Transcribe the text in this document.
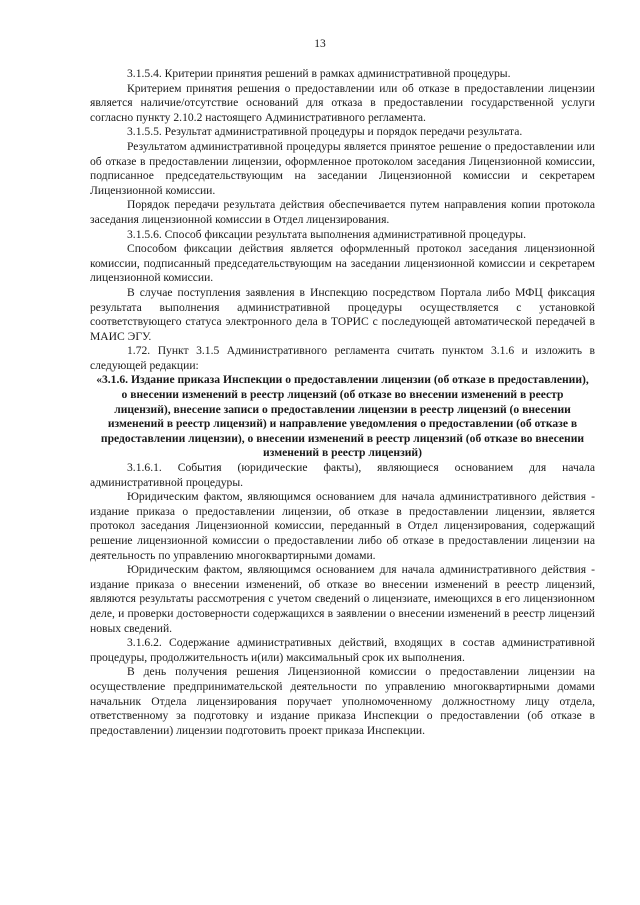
13

3.1.5.4. Критерии принятия решений в рамках административной процедуры.

Критерием принятия решения о предоставлении или об отказе в предоставлении лицензии является наличие/отсутствие оснований для отказа в предоставлении государственной услуги согласно пункту 2.10.2 настоящего Административного регламента.

3.1.5.5. Результат административной процедуры и порядок передачи результата.

Результатом административной процедуры является принятое решение о предоставлении или об отказе в предоставлении лицензии, оформленное протоколом заседания Лицензионной комиссии, подписанное председательствующим на заседании Лицензионной комиссии и секретарем Лицензионной комиссии.

Порядок передачи результата действия обеспечивается путем направления копии протокола заседания лицензионной комиссии в Отдел лицензирования.

3.1.5.6. Способ фиксации результата выполнения административной процедуры.

Способом фиксации действия является оформленный протокол заседания лицензионной комиссии, подписанный председательствующим на заседании лицензионной комиссии и секретарем лицензионной комиссии.

В случае поступления заявления в Инспекцию посредством Портала либо МФЦ фиксация результата выполнения административной процедуры осуществляется с установкой соответствующего статуса электронного дела в ТОРИС с последующей автоматической передачей в МАИС ЭГУ.

1.72. Пункт 3.1.5 Административного регламента считать пунктом 3.1.6 и изложить в следующей редакции:

«3.1.6. Издание приказа Инспекции о предоставлении лицензии (об отказе в предоставлении), о внесении изменений в реестр лицензий (об отказе во внесении изменений в реестр лицензий), внесение записи о предоставлении лицензии в реестр лицензий (о внесении изменений в реестр лицензий) и направление уведомления о предоставлении (об отказе в предоставлении лицензии), о внесении изменений в реестр лицензий (об отказе во внесении изменений в реестр лицензий)

3.1.6.1. События (юридические факты), являющиеся основанием для начала административной процедуры.

Юридическим фактом, являющимся основанием для начала административного действия - издание приказа о предоставлении лицензии, об отказе в предоставлении лицензии, является протокол заседания Лицензионной комиссии, переданный в Отдел лицензирования, содержащий решение лицензионной комиссии о предоставлении либо об отказе в предоставлении лицензии на деятельность по управлению многоквартирными домами.

Юридическим фактом, являющимся основанием для начала административного действия - издание приказа о внесении изменений, об отказе во внесении изменений в реестр лицензий, являются результаты рассмотрения с учетом сведений о лицензиате, имеющихся в его лицензионном деле, и проверки достоверности содержащихся в заявлении о внесении изменений в реестр лицензий новых сведений.

3.1.6.2. Содержание административных действий, входящих в состав административной процедуры, продолжительность и(или) максимальный срок их выполнения.

В день получения решения Лицензионной комиссии о предоставлении лицензии на осуществление предпринимательской деятельности по управлению многоквартирными домами начальник Отдела лицензирования поручает уполномоченному должностному лицу отдела, ответственному за подготовку и издание приказа Инспекции о предоставлении (об отказе в предоставлении) лицензии подготовить проект приказа Инспекции.
